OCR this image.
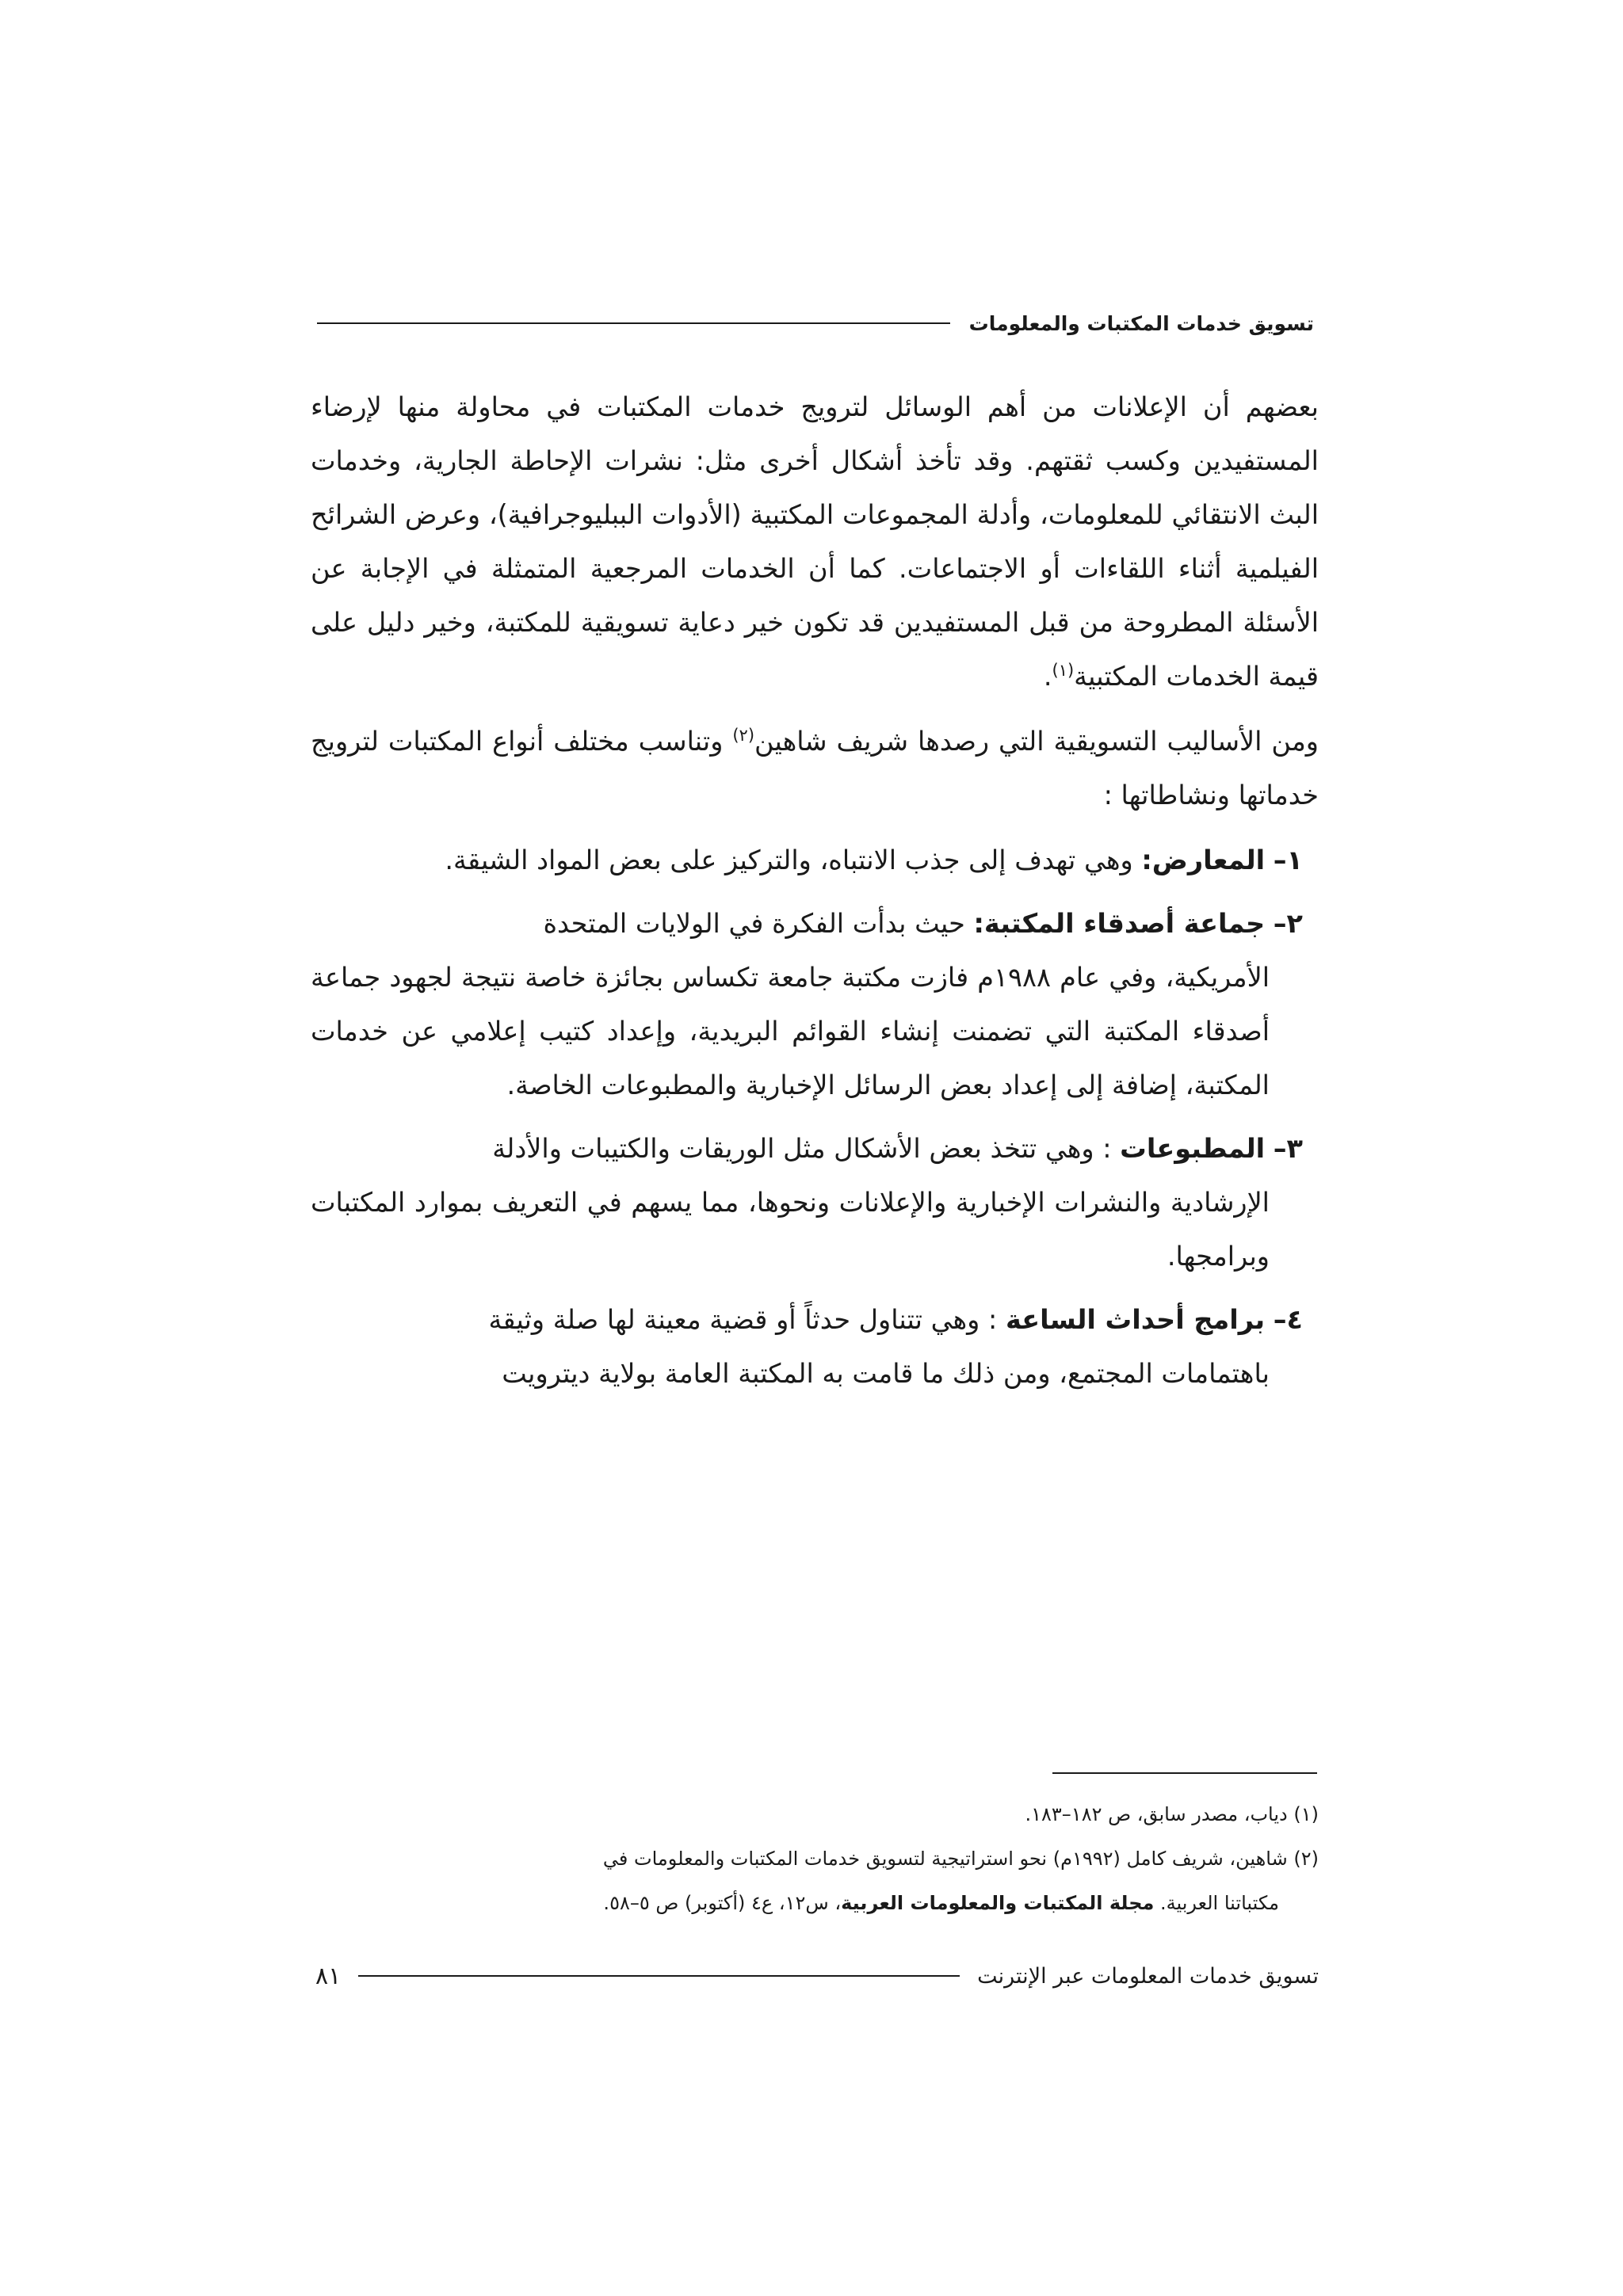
تسويق خدمات المكتبات والمعلومات

بعضهم أن الإعلانات من أهم الوسائل لترويج خدمات المكتبات في محاولة منها لإرضاء المستفيدين وكسب ثقتهم. وقد تأخذ أشكال أخرى مثل: نشرات الإحاطة الجارية، وخدمات البث الانتقائي للمعلومات، وأدلة المجموعات المكتبية (الأدوات الببليوجرافية)، وعرض الشرائح الفيلمية أثناء اللقاءات أو الاجتماعات. كما أن الخدمات المرجعية المتمثلة في الإجابة عن الأسئلة المطروحة من قبل المستفيدين قد تكون خير دعاية تسويقية للمكتبة، وخير دليل على قيمة الخدمات المكتبية$^{(١)}$.

ومن الأساليب التسويقية التي رصدها شريف شاهين$^{(٢)}$ وتناسب مختلف أنواع المكتبات لترويج خدماتها ونشاطاتها :

١– المعارض: وهي تهدف إلى جذب الانتباه، والتركيز على بعض المواد الشيقة.
٢– جماعة أصدقاء المكتبة: حيث بدأت الفكرة في الولايات المتحدة
الأمريكية، وفي عام ١٩٨٨م فازت مكتبة جامعة تكساس بجائزة خاصة نتيجة لجهود جماعة أصدقاء المكتبة التي تضمنت إنشاء القوائم البريدية، وإعداد كتيب إعلامي عن خدمات المكتبة، إضافة إلى إعداد بعض الرسائل الإخبارية والمطبوعات الخاصة.
٣– المطبوعات : وهي تتخذ بعض الأشكال مثل الوريقات والكتيبات والأدلة
الإرشادية والنشرات الإخبارية والإعلانات ونحوها، مما يسهم في التعريف بموارد المكتبات وبرامجها.
٤– برامج أحداث الساعة : وهي تتناول حدثاً أو قضية معينة لها صلة وثيقة
باهتمامات المجتمع، ومن ذلك ما قامت به المكتبة العامة بولاية ديترويت

(١) دياب، مصدر سابق، ص ١٨٢–١٨٣.

(٢) شاهين، شريف كامل (١٩٩٢م) نحو استراتيجية لتسويق خدمات المكتبات والمعلومات في
مكتباتنا العربية. مجلة المكتبات والمعلومات العربية، س١٢، ع٤ (أكتوبر) ص ٥–٥٨.

تسويق خدمات المعلومات عبر الإنترنت
٨١
